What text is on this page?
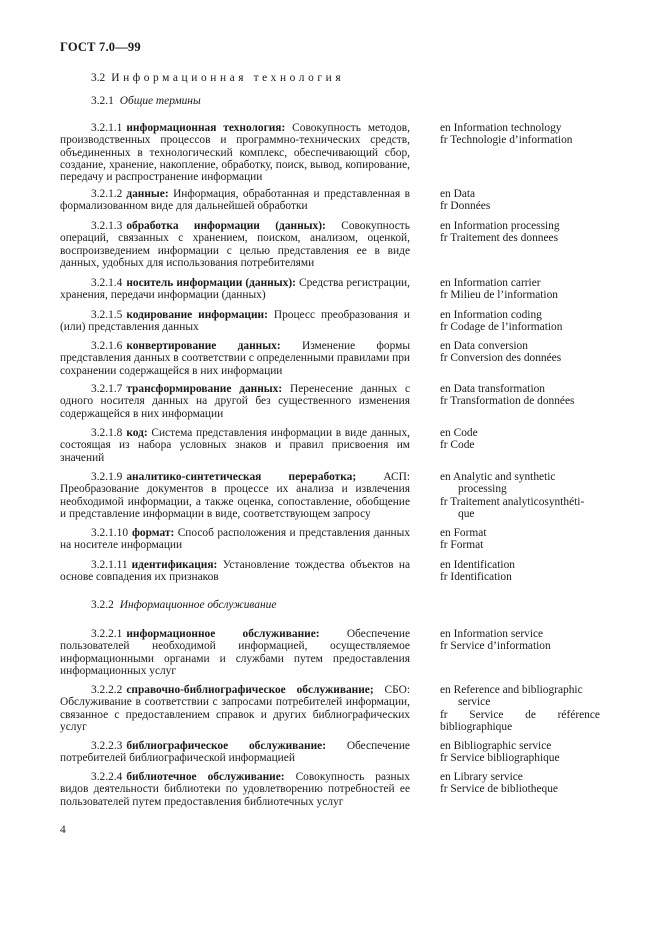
ГОСТ 7.0—99
3.2 Информационная технология
3.2.1 Общие термины
3.2.2 Информационное обслуживание
4
3.2.1.1 информационная технология: Совокупность методов, производственных процессов и программно-технических средств, объединенных в технологический комплекс, обеспечивающий сбор, создание, хранение, накопление, обработку, поиск, вывод, копирование, передачу и распространение информации
en Information technology
fr Technologie d’information
3.2.1.2 данные: Информация, обработанная и представленная в формализованном виде для дальнейшей обработки
en Data
fr Données
3.2.1.3 обработка информации (данных): Совокупность операций, связанных с хранением, поиском, анализом, оценкой, воспроизведением информации с целью представления ее в виде данных, удобных для использования потребителями
en Information processing
fr Traitement des donnees
3.2.1.4 носитель информации (данных): Средства регистрации, хранения, передачи информации (данных)
en Information carrier
fr Milieu de l’information
3.2.1.5 кодирование информации: Процесс преобразования и (или) представления данных
en Information coding
fr Codage de l’information
3.2.1.6 конвертирование данных: Изменение формы представления данных в соответствии с определенными правилами при сохранении содержащейся в них информации
en Data conversion
fr Conversion des données
3.2.1.7 трансформирование данных: Перенесение данных с одного носителя данных на другой без существенного изменения содержащейся в них информации
en Data transformation
fr Transformation de données
3.2.1.8 код: Система представления информации в виде данных, состоящая из набора условных знаков и правил присвоения им значений
en Code
fr Code
3.2.1.9 аналитико-синтетическая переработка; АСП: Преобразование документов в процессе их анализа и извлечения необходимой информации, а также оценка, сопоставление, обобщение и представление информации в виде, соответствующем запросу
en Analytic and synthetic
processing
fr Traitement analyticosynthéti-
que
3.2.1.10 формат: Способ расположения и представления данных на носителе информации
en Format
fr Format
3.2.1.11 идентификация: Установление тождества объектов на основе совпадения их признаков
en Identification
fr Identification
3.2.2.1 информационное обслуживание: Обеспечение пользователей необходимой информацией, осуществляемое информационными органами и службами путем предоставления информационных услуг
en Information service
fr Service d’information
3.2.2.2 справочно-библиографическое обслуживание; СБО: Обслуживание в соответствии с запросами потребителей информации, связанное с предоставлением справок и других библиографических услуг
en Reference and bibliographic
service
fr Service de référence
bibliographique
3.2.2.3 библиографическое обслуживание: Обеспечение потребителей библиографической информацией
en Bibliographic service
fr Service bibliographique
3.2.2.4 библиотечное обслуживание: Совокупность разных видов деятельности библиотеки по удовлетворению потребностей ее пользователей путем предоставления библиотечных услуг
en Library service
fr Service de bibliotheque
